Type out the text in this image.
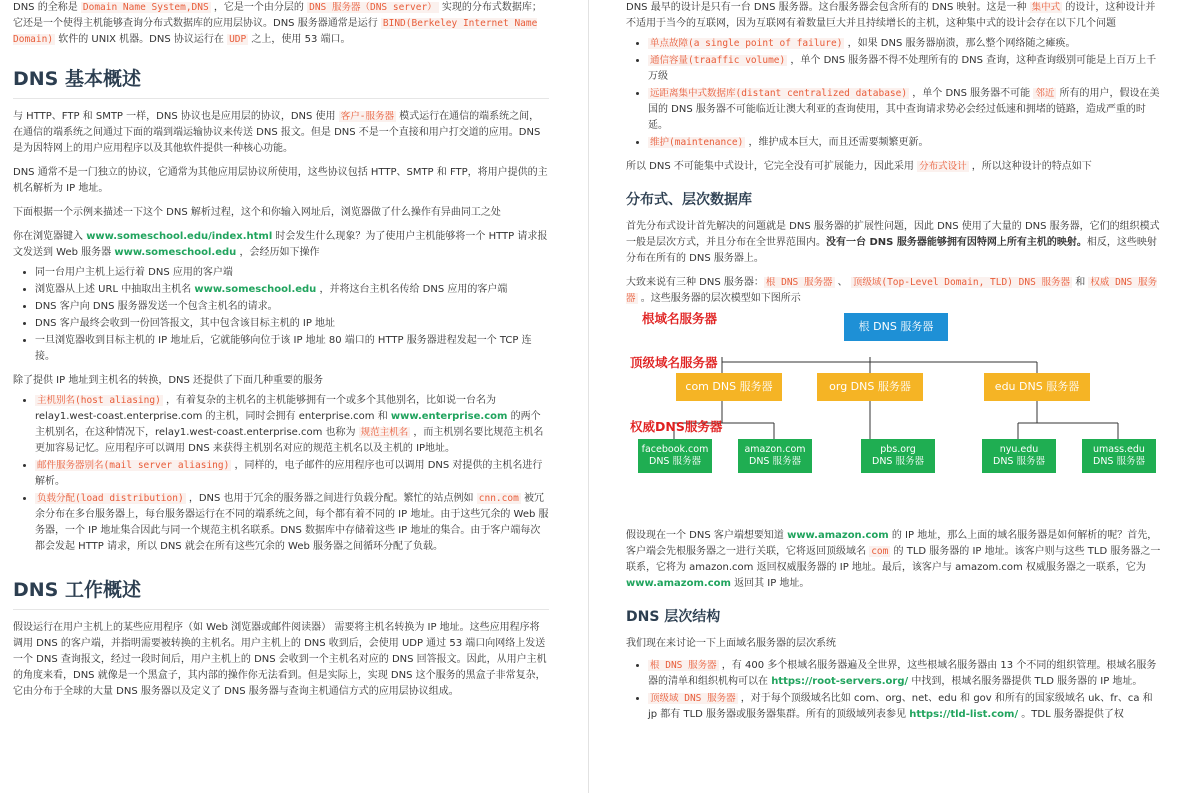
DNS 的全称是 Domain Name System,DNS ，它是一个由分层的 DNS 服务器（DNS server） 实现的分布式数据库；它还是一个使得主机能够查询分布式数据库的应用层协议。DNS 服务器通常是运行 BIND(Berkeley Internet Name Domain) 软件的 UNIX 机器。DNS 协议运行在 UDP 之上，使用 53 端口。

DNS 基本概述

与 HTTP、FTP 和 SMTP 一样，DNS 协议也是应用层的协议，DNS 使用 客户-服务器 模式运行在通信的端系统之间，在通信的端系统之间通过下面的端到端运输协议来传送 DNS 报文。但是 DNS 不是一个直接和用户打交道的应用。DNS 是为因特网上的用户应用程序以及其他软件提供一种核心功能。

DNS 通常不是一门独立的协议，它通常为其他应用层协议所使用，这些协议包括 HTTP、SMTP 和 FTP，将用户提供的主机名解析为 IP 地址。

下面根据一个示例来描述一下这个 DNS 解析过程，这个和你输入网址后，浏览器做了什么操作有异曲同工之处

你在浏览器键入 www.someschool.edu/index.html 时会发生什么现象？为了使用户主机能够将一个 HTTP 请求报文发送到 Web 服务器 www.someschool.edu ，会经历如下操作

• 同一台用户主机上运行着 DNS 应用的客户端
• 浏览器从上述 URL 中抽取出主机名 www.someschool.edu ，并将这台主机名传给 DNS 应用的客户端
• DNS 客户向 DNS 服务器发送一个包含主机名的请求。
• DNS 客户最终会收到一份回答报文，其中包含该目标主机的 IP 地址
• 一旦浏览器收到目标主机的 IP 地址后，它就能够向位于该 IP 地址 80 端口的 HTTP 服务器进程发起一个 TCP 连接。

除了提供 IP 地址到主机名的转换，DNS 还提供了下面几种重要的服务

• 主机别名(host aliasing) ，有着复杂的主机名的主机能够拥有一个或多个其他别名，比如说一台名为 relay1.west-coast.enterprise.com 的主机，同时会拥有 enterprise.com 和 www.enterprise.com 的两个主机别名，在这种情况下，relay1.west-coast.enterprise.com 也称为 规范主机名 ，而主机别名要比规范主机名更加容易记忆。应用程序可以调用 DNS 来获得主机别名对应的规范主机名以及主机的 IP地址。
• 邮件服务器别名(mail server aliasing) ，同样的，电子邮件的应用程序也可以调用 DNS 对提供的主机名进行解析。
• 负载分配(load distribution) ，DNS 也用于冗余的服务器之间进行负载分配。繁忙的站点例如 cnn.com 被冗余分布在多台服务器上，每台服务器运行在不同的端系统之间，每个都有着不同的 IP 地址。由于这些冗余的 Web 服务器，一个 IP 地址集合因此与同一个规范主机名联系。DNS 数据库中存储着这些 IP 地址的集合。由于客户端每次都会发起 HTTP 请求，所以 DNS 就会在所有这些冗余的 Web 服务器之间循环分配了负载。
DNS 工作概述

假设运行在用户主机上的某些应用程序（如 Web 浏览器或邮件阅读器） 需要将主机名转换为 IP 地址。这些应用程序将调用 DNS 的客户端，并指明需要被转换的主机名。用户主机上的 DNS 收到后，会使用 UDP 通过 53 端口向网络上发送一个 DNS 查询报文，经过一段时间后，用户主机上的 DNS 会收到一个主机名对应的 DNS 回答报文。因此，从用户主机的角度来看，DNS 就像是一个黑盒子，其内部的操作你无法看到。但是实际上，实现 DNS 这个服务的黑盒子非常复杂，它由分布于全球的大量 DNS 服务器以及定义了 DNS 服务器与查询主机通信方式的应用层协议组成。

DNS 最早的设计是只有一台 DNS 服务器。这台服务器会包含所有的 DNS 映射。这是一种 集中式 的设计，这种设计并不适用于当今的互联网，因为互联网有着数量巨大并且持续增长的主机，这种集中式的设计会存在以下几个问题

• 单点故障(a single point of failure) ，如果 DNS 服务器崩溃，那么整个网络随之瘫痪。
• 通信容量(traaffic volume) ，单个 DNS 服务器不得不处理所有的 DNS 查询，这种查询级别可能是上百万上千万级
• 远距离集中式数据库(distant centralized database) ，单个 DNS 服务器不可能 邻近 所有的用户，假设在美国的 DNS 服务器不可能临近让澳大利亚的查询使用，其中查询请求势必会经过低速和拥堵的链路，造成严重的时延。
• 维护(maintenance) ，维护成本巨大，而且还需要频繁更新。

所以 DNS 不可能集中式设计，它完全没有可扩展能力，因此采用 分布式设计 ，所以这种设计的特点如下

分布式、层次数据库

首先分布式设计首先解决的问题就是 DNS 服务器的扩展性问题，因此 DNS 使用了大量的 DNS 服务器，它们的组织模式一般是层次方式，并且分布在全世界范围内。没有一台 DNS 服务器能够拥有因特网上所有主机的映射。相反，这些映射分布在所有的 DNS 服务器上。

大致来说有三种 DNS 服务器： 根 DNS 服务器 、 顶级域(Top-Level Domain, TLD) DNS 服务器 和 权威 DNS 服务器 。这些服务器的层次模型如下图所示

根域名服务器
顶级域名服务器
权威DNS服务器
根 DNS 服务器
com DNS 服务器	org DNS 服务器	edu DNS 服务器
facebook.com
DNS 服务器
amazon.com
DNS 服务器
pbs.org
DNS 服务器
nyu.edu
DNS 服务器
umass.edu
DNS 服务器

假设现在一个 DNS 客户端想要知道 www.amazon.com 的 IP 地址，那么上面的域名服务器是如何解析的呢？首先，客户端会先根服务器之一进行关联，它将返回顶级域名 com 的 TLD 服务器的 IP 地址。该客户则与这些 TLD 服务器之一联系，它将为 amazon.com 返回权威服务器的 IP 地址。最后，该客户与 amazom.com 权威服务器之一联系，它为 www.amazom.com 返回其 IP 地址。

DNS 层次结构

我们现在来讨论一下上面域名服务器的层次系统

• 根 DNS 服务器 ，有 400 多个根域名服务器遍及全世界，这些根域名服务器由 13 个不同的组织管理。根域名服务器的清单和组织机构可以在 https://root-servers.org/ 中找到，根域名服务器提供 TLD 服务器的 IP 地址。
• 顶级域 DNS 服务器 ，对于每个顶级域名比如 com、org、net、edu 和 gov 和所有的国家级域名 uk、fr、ca 和 jp 都有 TLD 服务器或服务器集群。所有的顶级域列表参见 https://tld-list.com/ 。TDL 服务器提供了权
